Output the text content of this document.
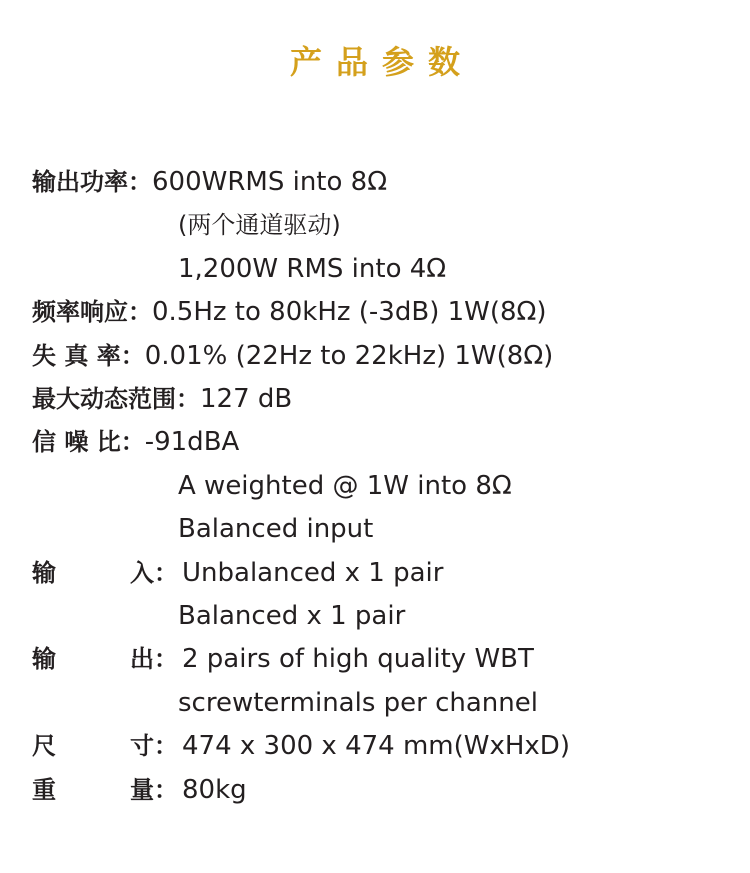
产品参数
输出功率： 600WRMS into 8Ω
(两个通道驱动)
1,200W RMS into 4Ω
频率响应： 0.5Hz to 80kHz (-3dB) 1W(8Ω)
失 真 率： 0.01% (22Hz to 22kHz) 1W(8Ω)
最大动态范围： 127 dB
信 噪 比： -91dBA
A weighted @ 1W into 8Ω
Balanced input
输	入： Unbalanced x 1 pair
Balanced x 1 pair
输	出： 2 pairs of high quality WBT
screwterminals per channel
尺	寸： 474 x 300 x 474 mm(WxHxD)
重	量： 80kg
